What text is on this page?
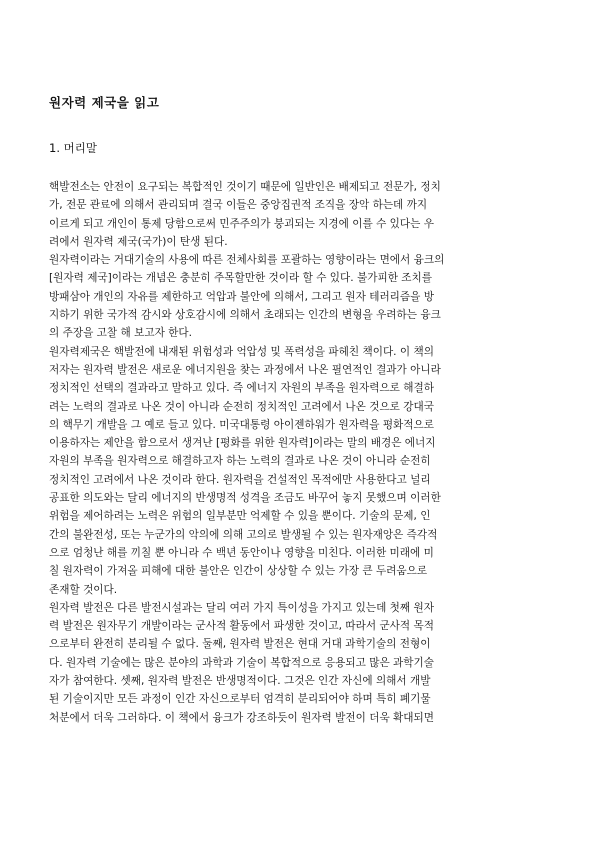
원자력 제국을 읽고
1. 머리말
핵발전소는 안전이 요구되는 복합적인 것이기 때문에 일반인은 배제되고 전문가, 정치
가, 전문 관료에 의해서 관리되며 결국 이들은 중앙집권적 조직을 장악 하는데 까지
이르게 되고 개인이 통제 당함으로써 민주주의가 붕괴되는 지경에 이를 수 있다는 우
려에서 원자력 제국(국가)이 탄생 된다.
원자력이라는 거대기술의 사용에 따른 전체사회를 포괄하는 영향이라는 면에서 융크의
[원자력 제국]이라는 개념은 충분히 주목할만한 것이라 할 수 있다. 불가피한 조치를
방패삼아 개인의 자유를 제한하고 억압과 불안에 의해서, 그리고 원자 테러리즘을 방
지하기 위한 국가적 감시와 상호감시에 의해서 초래되는 인간의 변형을 우려하는 융크
의 주장을 고찰 해 보고자 한다.
원자력제국은 핵발전에 내재된 위험성과 억압성 및 폭력성을 파헤친 책이다. 이 책의
저자는 원자력 발전은 새로운 에너지원을 찾는 과정에서 나온 필연적인 결과가 아니라
정치적인 선택의 결과라고 말하고 있다. 즉 에너지 자원의 부족을 원자력으로 해결하
려는 노력의 결과로 나온 것이 아니라 순전히 정치적인 고려에서 나온 것으로 강대국
의 핵무기 개발을 그 예로 들고 있다. 미국대통령 아이젠하워가 원자력을 평화적으로
이용하자는 제안을 함으로서 생겨난 [평화를 위한 원자력]이라는 말의 배경은 에너지
자원의 부족을 원자력으로 해결하고자 하는 노력의 결과로 나온 것이 아니라 순전히
정치적인 고려에서 나온 것이라 한다. 원자력을 건설적인 목적에만 사용한다고 널리
공표한 의도와는 달리 에너지의 반생명적 성격을 조금도 바꾸어 놓지 못했으며 이러한
위험을 제어하려는 노력은 위험의 일부분만 억제할 수 있을 뿐이다. 기술의 문제, 인
간의 불완전성, 또는 누군가의 악의에 의해 고의로 발생될 수 있는 원자재앙은 즉각적
으로 엄청난 해를 끼칠 뿐 아니라 수 백년 동안이나 영향을 미친다. 이러한 미래에 미
칠 원자력이 가져올 피해에 대한 불안은 인간이 상상할 수 있는 가장 큰 두려움으로
존재할 것이다.
원자력 발전은 다른 발전시설과는 달리 여러 가지 특이성을 가지고 있는데 첫째 원자
력 발전은 원자무기 개발이라는 군사적 활동에서 파생한 것이고, 따라서 군사적 목적
으로부터 완전히 분리될 수 없다. 둘째, 원자력 발전은 현대 거대 과학기술의 전형이
다. 원자력 기술에는 많은 분야의 과학과 기술이 복합적으로 응용되고 많은 과학기술
자가 참여한다. 셋째, 원자력 발전은 반생명적이다. 그것은 인간 자신에 의해서 개발
된 기술이지만 모든 과정이 인간 자신으로부터 엄격히 분리되어야 하며 특히 폐기물
처분에서 더욱 그러하다. 이 책에서 융크가 강조하듯이 원자력 발전이 더욱 확대되면
